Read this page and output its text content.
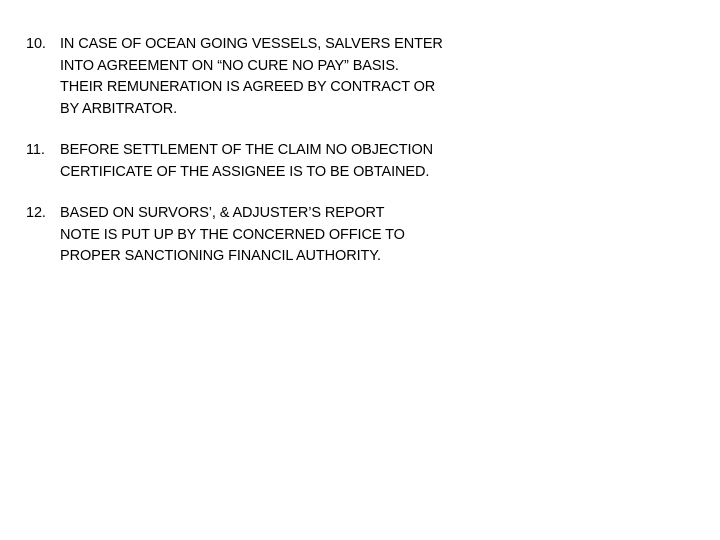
10. IN CASE OF OCEAN GOING VESSELS, SALVERS ENTER
INTO AGREEMENT ON “NO CURE NO PAY” BASIS.
THEIR REMUNERATION IS AGREED BY CONTRACT OR
BY ARBITRATOR.
11.	BEFORE SETTLEMENT OF THE CLAIM NO OBJECTION
CERTIFICATE OF THE ASSIGNEE IS TO BE OBTAINED.
12. BASED ON SURVORS’, & ADJUSTER’S REPORT
NOTE IS PUT UP BY THE CONCERNED OFFICE TO
PROPER SANCTIONING FINANCIL AUTHORITY.
